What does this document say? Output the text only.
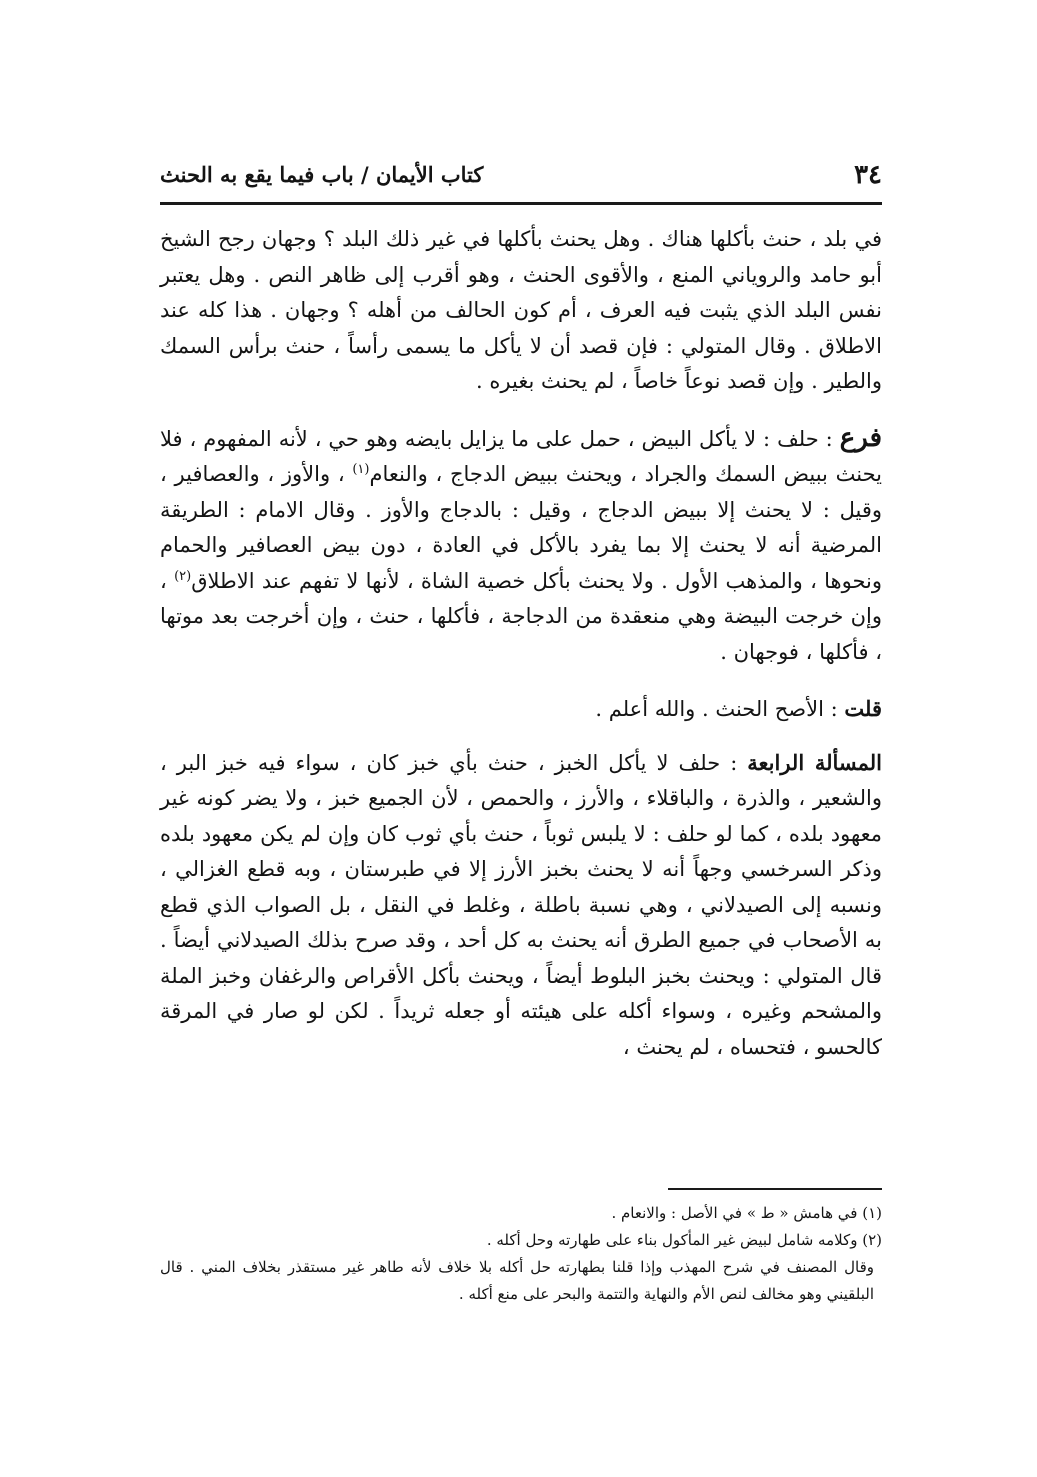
٣٤
كتاب الأيمان / باب فيما يقع به الحنث

في بلد ، حنث بأكلها هناك . وهل يحنث بأكلها في غير ذلك البلد ؟ وجهان رجح الشيخ أبو حامد والروياني المنع ، والأقوى الحنث ، وهو أقرب إلى ظاهر النص . وهل يعتبر نفس البلد الذي يثبت فيه العرف ، أم كون الحالف من أهله ؟ وجهان . هذا كله عند الاطلاق . وقال المتولي : فإن قصد أن لا يأكل ما يسمى رأساً ، حنث برأس السمك والطير . وإن قصد نوعاً خاصاً ، لم يحنث بغيره .

فرع : حلف : لا يأكل البيض ، حمل على ما يزايل بايضه وهو حي ، لأنه المفهوم ، فلا يحنث ببيض السمك والجراد ، ويحنث ببيض الدجاج ، والنعام$^{(١)}$ ، والأوز ، والعصافير ، وقيل : لا يحنث إلا ببيض الدجاج ، وقيل : بالدجاج والأوز . وقال الامام : الطريقة المرضية أنه لا يحنث إلا بما يفرد بالأكل في العادة ، دون بيض العصافير والحمام ونحوها ، والمذهب الأول . ولا يحنث بأكل خصية الشاة ، لأنها لا تفهم عند الاطلاق$^{(٢)}$ ، وإن خرجت البيضة وهي منعقدة من الدجاجة ، فأكلها ، حنث ، وإن أخرجت بعد موتها ، فأكلها ، فوجهان .

قلت : الأصح الحنث . والله أعلم .

المسألة الرابعة : حلف لا يأكل الخبز ، حنث بأي خبز كان ، سواء فيه خبز البر ، والشعير ، والذرة ، والباقلاء ، والأرز ، والحمص ، لأن الجميع خبز ، ولا يضر كونه غير معهود بلده ، كما لو حلف : لا يلبس ثوباً ، حنث بأي ثوب كان وإن لم يكن معهود بلده وذكر السرخسي وجهاً أنه لا يحنث بخبز الأرز إلا في طبرستان ، وبه قطع الغزالي ، ونسبه إلى الصيدلاني ، وهي نسبة باطلة ، وغلط في النقل ، بل الصواب الذي قطع به الأصحاب في جميع الطرق أنه يحنث به كل أحد ، وقد صرح بذلك الصيدلاني أيضاً . قال المتولي : ويحنث بخبز البلوط أيضاً ، ويحنث بأكل الأقراص والرغفان وخبز الملة والمشحم وغيره ، وسواء أكله على هيئته أو جعله ثريداً . لكن لو صار في المرقة كالحسو ، فتحساه ، لم يحنث ،

(١) في هامش « ط » في الأصل : والانعام .

(٢) وكلامه شامل لبيض غير المأكول بناء على طهارته وحل أكله .

وقال المصنف في شرح المهذب وإذا قلنا بطهارته حل أكله بلا خلاف لأنه طاهر غير مستقذر بخلاف المني . قال البلقيني وهو مخالف لنص الأم والنهاية والتتمة والبحر على منع أكله .
